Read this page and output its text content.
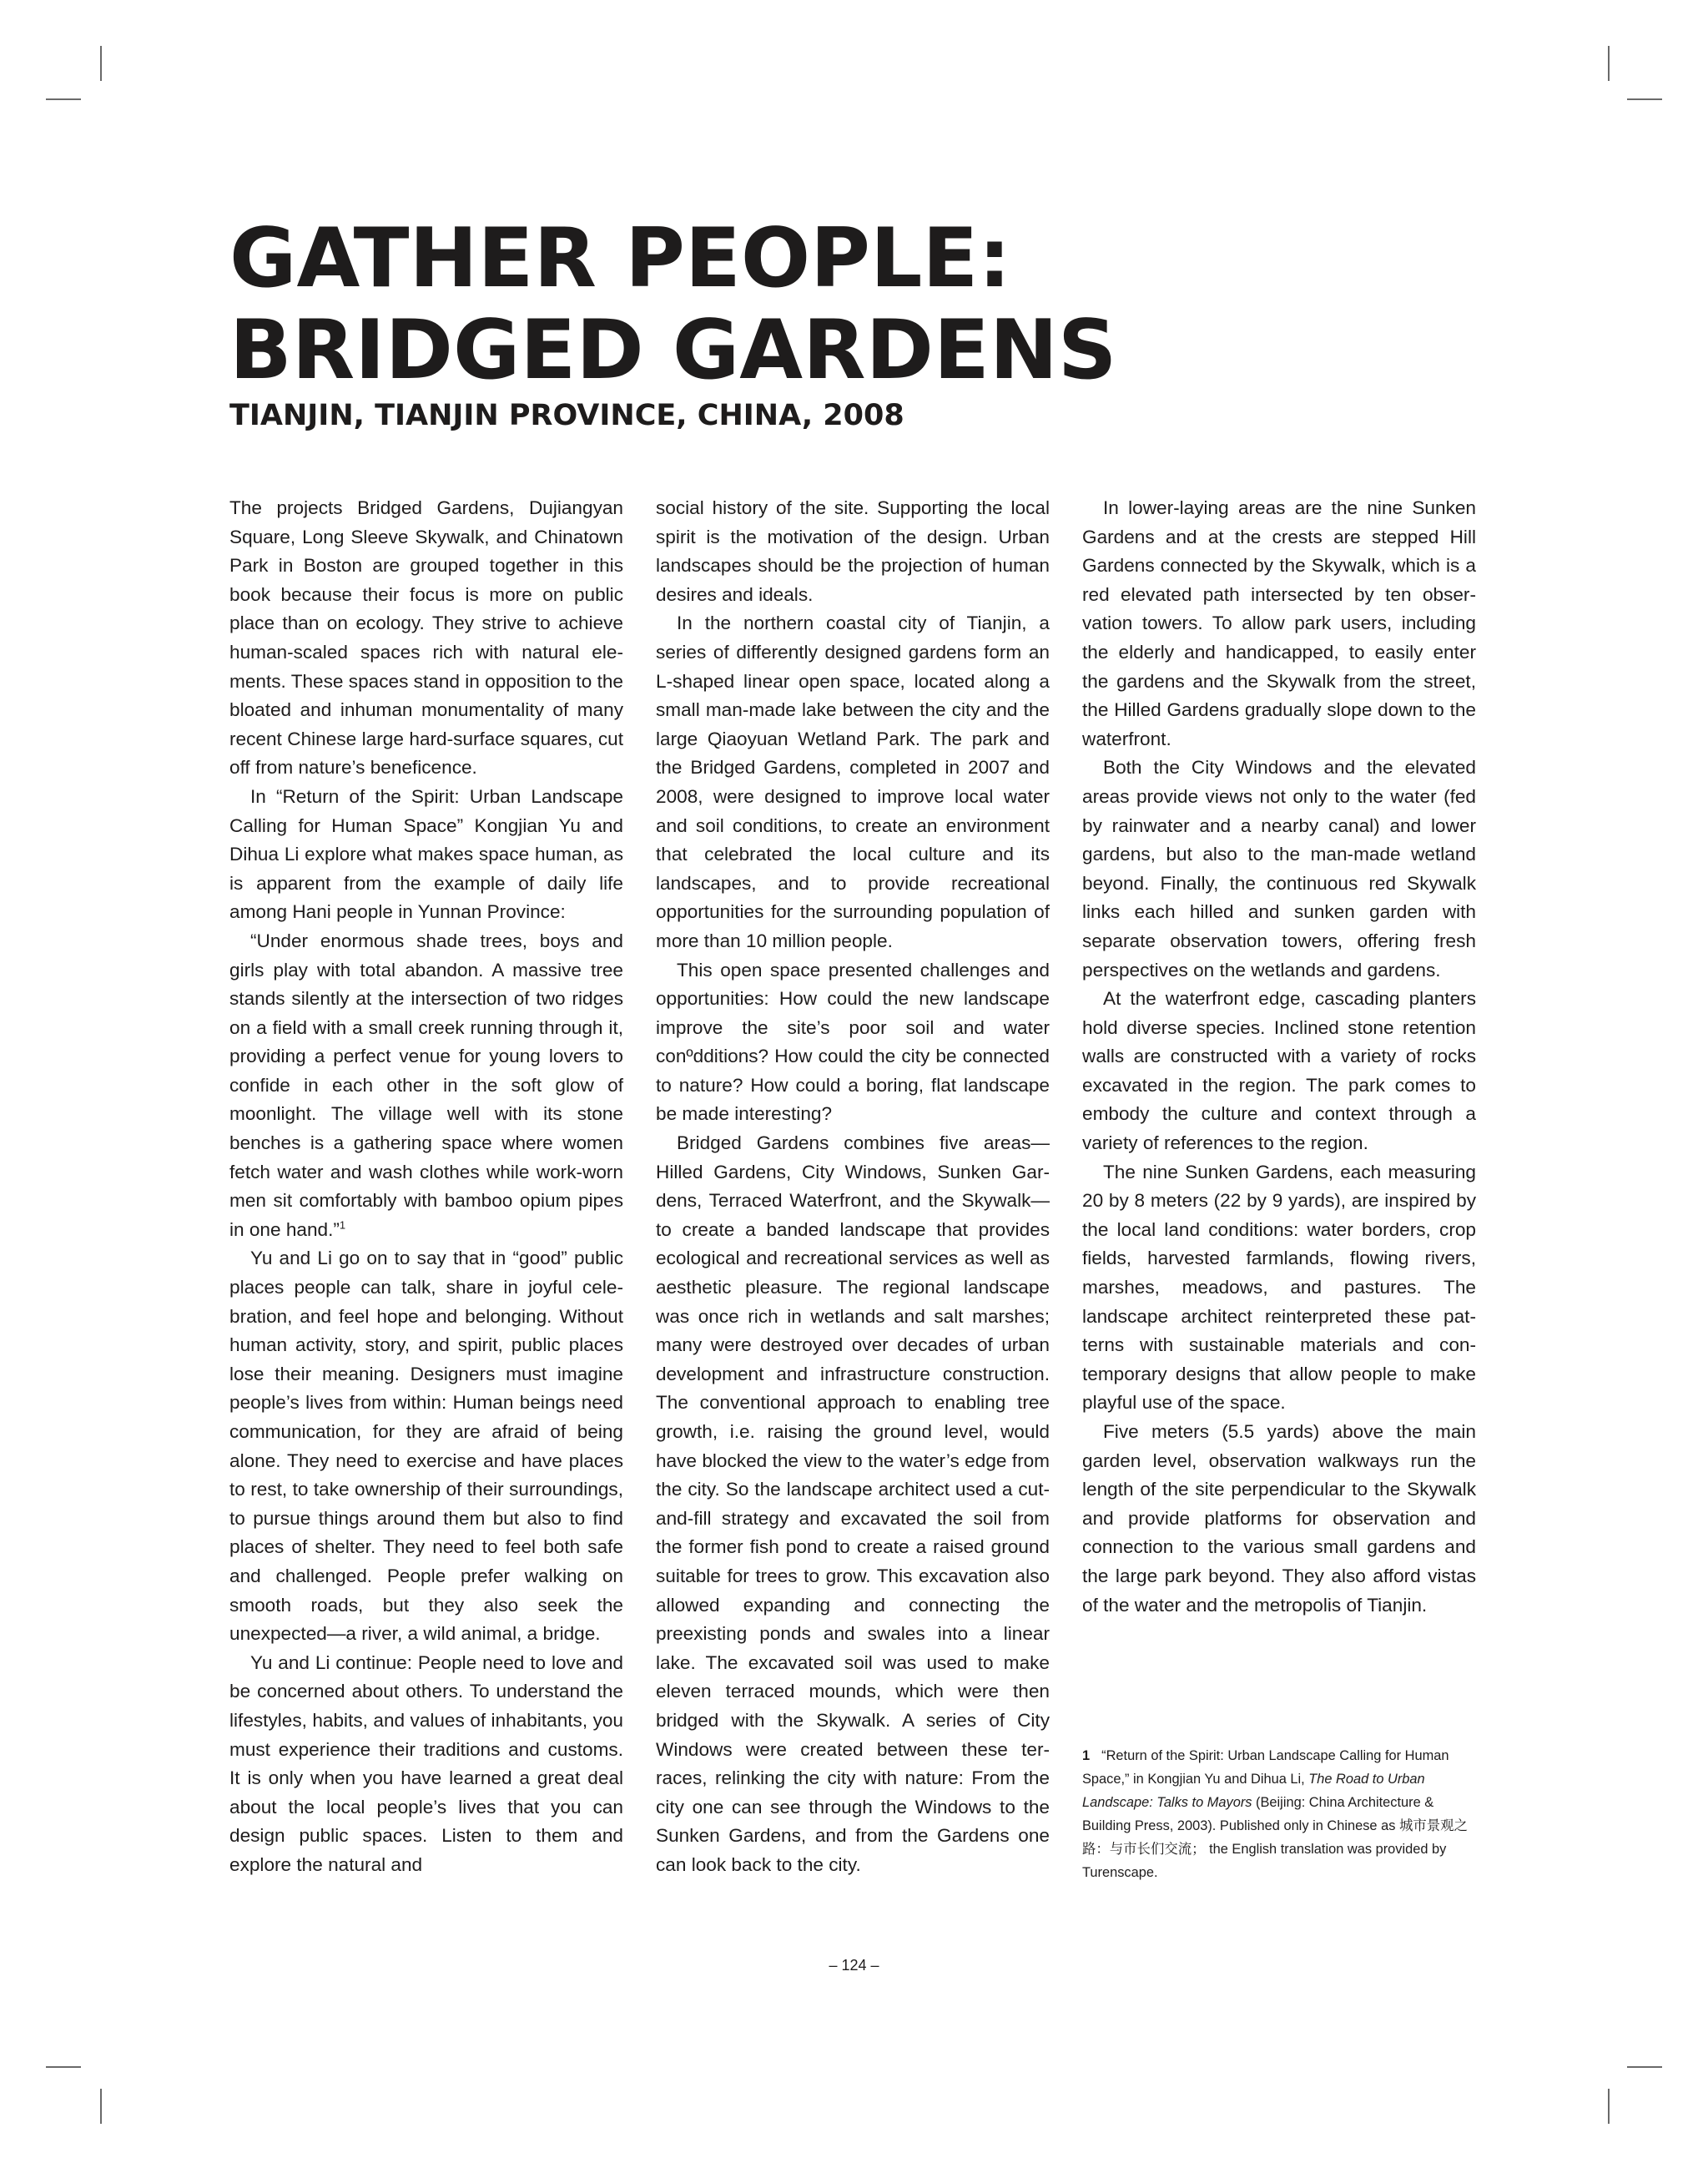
GATHER PEOPLE:
BRIDGED GARDENS
TIANJIN, TIANJIN PROVINCE, CHINA, 2008

The projects Bridged Gardens, Dujiangyan Square, Long Sleeve Skywalk, and Chinatown Park in Boston are grouped together in this book because their focus is more on public place than on ecology. They strive to achieve human-scaled spaces rich with natural elements. These spaces stand in opposition to the bloated and inhuman monumentality of many recent Chinese large hard-surface squares, cut off from nature’s beneficence.

In “Return of the Spirit: Urban Landscape Calling for Human Space” Kongjian Yu and Dihua Li explore what makes space human, as is apparent from the example of daily life among Hani people in Yunnan Province:

“Under enormous shade trees, boys and girls play with total abandon. A massive tree stands silently at the intersection of two ridges on a field with a small creek running through it, providing a perfect venue for young lovers to confide in each other in the soft glow of moonlight. The village well with its stone benches is a gathering space where women fetch water and wash clothes while work-worn men sit comfortably with bamboo opium pipes in one hand.”$^1$

Yu and Li go on to say that in “good” public places people can talk, share in joyful celebration, and feel hope and belonging. Without human activity, story, and spirit, public places lose their meaning. Designers must imagine people’s lives from within: Human beings need communication, for they are afraid of being alone. They need to exercise and have places to rest, to take ownership of their surroundings, to pursue things around them but also to find places of shelter. They need to feel both safe and challenged. People prefer walking on smooth roads, but they also seek the unexpected—a river, a wild animal, a bridge.

Yu and Li continue: People need to love and be concerned about others. To understand the lifestyles, habits, and values of inhabitants, you must experience their traditions and customs. It is only when you have learned a great deal about the local people’s lives that you can design public spaces. Listen to them and explore the natural and

social history of the site. Supporting the local spirit is the motivation of the design. Urban landscapes should be the projection of human desires and ideals.

In the northern coastal city of Tianjin, a series of differently designed gardens form an L-shaped linear open space, located along a small man-made lake between the city and the large Qiaoyuan Wetland Park. The park and the Bridged Gardens, completed in 2007 and 2008, were designed to improve local water and soil conditions, to create an environment that celebrated the local culture and its landscapes, and to provide recreational opportunities for the surrounding population of more than 10 million people.

This open space presented challenges and opportunities: How could the new landscape improve the site’s poor soil and water conºdditions? How could the city be connected to nature? How could a boring, flat landscape be made interesting?

Bridged Gardens combines five areas—Hilled Gardens, City Windows, Sunken Gardens, Terraced Waterfront, and the Skywalk—to create a banded landscape that provides ecological and recreational services as well as aesthetic pleasure. The regional landscape was once rich in wetlands and salt marshes; many were destroyed over decades of urban development and infrastructure construction. The conventional approach to enabling tree growth, i.e. raising the ground level, would have blocked the view to the water’s edge from the city. So the landscape architect used a cut-and-fill strategy and excavated the soil from the former fish pond to create a raised ground suitable for trees to grow. This excavation also allowed expanding and connecting the preexisting ponds and swales into a linear lake. The excavated soil was used to make eleven terraced mounds, which were then bridged with the Skywalk. A series of City Windows were created between these terraces, relinking the city with nature: From the city one can see through the Windows to the Sunken Gardens, and from the Gardens one can look back to the city.

In lower-laying areas are the nine Sunken Gardens and at the crests are stepped Hill Gardens connected by the Skywalk, which is a red elevated path intersected by ten observation towers. To allow park users, including the elderly and handicapped, to easily enter the gardens and the Skywalk from the street, the Hilled Gardens gradually slope down to the waterfront.

Both the City Windows and the elevated areas provide views not only to the water (fed by rainwater and a nearby canal) and lower gardens, but also to the man-made wetland beyond. Finally, the continuous red Skywalk links each hilled and sunken garden with separate observation towers, offering fresh perspectives on the wetlands and gardens.

At the waterfront edge, cascading planters hold diverse species. Inclined stone retention walls are constructed with a variety of rocks excavated in the region. The park comes to embody the culture and context through a variety of references to the region.

The nine Sunken Gardens, each measuring 20 by 8 meters (22 by 9 yards), are inspired by the local land conditions: water borders, crop fields, harvested farmlands, flowing rivers, marshes, meadows, and pastures. The landscape architect reinterpreted these patterns with sustainable materials and contemporary designs that allow people to make playful use of the space.

Five meters (5.5 yards) above the main garden level, observation walkways run the length of the site perpendicular to the Skywalk and provide platforms for observation and connection to the various small gardens and the large park beyond. They also afford vistas of the water and the metropolis of Tianjin.

1 “Return of the Spirit: Urban Landscape Calling for Human Space,” in Kongjian Yu and Dihua Li, The Road to Urban Landscape: Talks to Mayors (Beijing: China Architecture & Building Press, 2003). Published only in Chinese as 城市景观之路：与市长们交流； the English translation was provided by Turenscape.
– 124 –
